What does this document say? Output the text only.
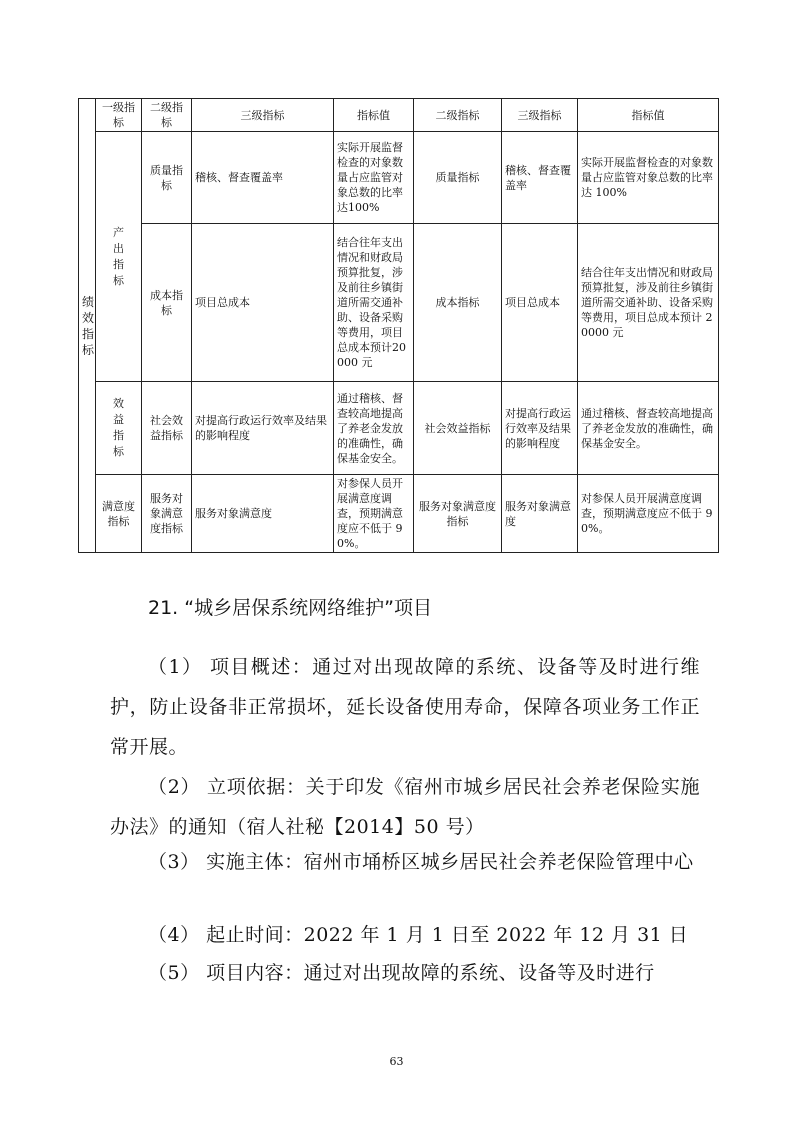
绩效指标	一级指标	二级指标	三级指标	指标值	二级指标	三级指标	指标值

	产出指标	质量指标	稽核、督查覆盖率	实际开展监督检查的对象数量占应监管对象总数的比率达100%	质量指标	稽核、督查覆盖率	实际开展监督检查的对象数量占应监管对象总数的比率达 100%
		成本指标	项目总成本	结合往年支出情况和财政局预算批复，涉及前往乡镇街道所需交通补助、设备采购等费用，项目总成本预计20000 元	成本指标	项目总成本	结合往年支出情况和财政局预算批复，涉及前往乡镇街道所需交通补助、设备采购等费用，项目总成本预计 20000 元

	效益指标	社会效益指标	对提高行政运行效率及结果的影响程度	通过稽核、督查较高地提高了养老金发放的准确性，确保基金安全。	社会效益指标	对提高行政运行效率及结果的影响程度	通过稽核、督查较高地提高了养老金发放的准确性，确保基金安全。
	满意度指标	服务对象满意度指标	服务对象满意度	对参保人员开展满意度调查，预期满意度应不低于 90%。	服务对象满意度指标	服务对象满意度	对参保人员开展满意度调查，预期满意度应不低于 90%。

21. “城乡居保系统网络维护”项目

（1） 项目概述：通过对出现故障的系统、设备等及时进行维护，防止设备非正常损坏，延长设备使用寿命，保障各项业务工作正常开展。

（2） 立项依据：关于印发《宿州市城乡居民社会养老保险实施办法》的通知（宿人社秘【2014】50 号）

（3） 实施主体：宿州市埇桥区城乡居民社会养老保险管理中心

（4） 起止时间：2022 年 1 月 1 日至 2022 年 12 月 31 日

（5） 项目内容：通过对出现故障的系统、设备等及时进行

63
